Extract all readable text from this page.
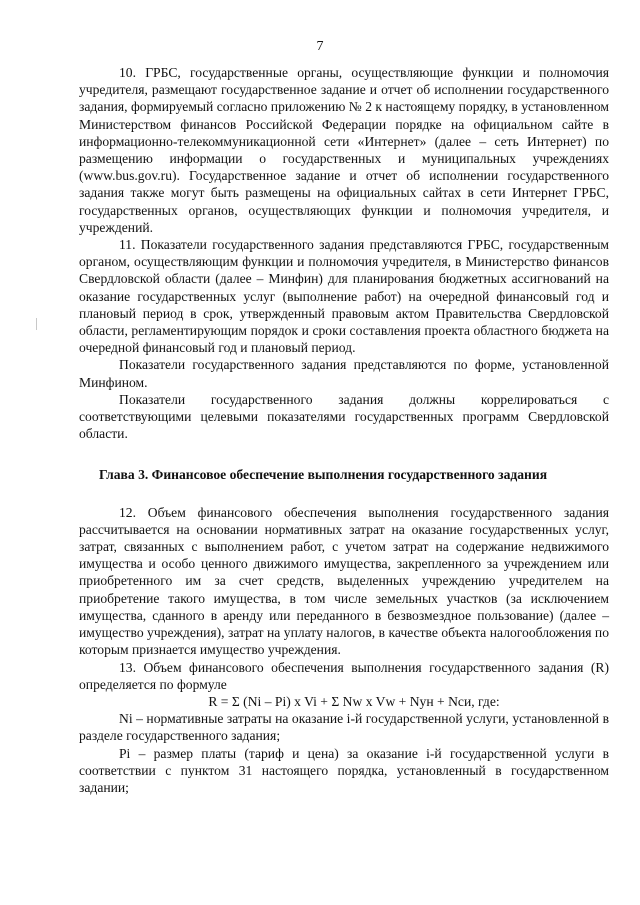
7

10. ГРБС, государственные органы, осуществляющие функции и полномочия учредителя, размещают государственное задание и отчет об исполнении государственного задания, формируемый согласно приложению № 2 к настоящему порядку, в установленном Министерством финансов Российской Федерации порядке на официальном сайте в информационно-телекоммуникационной сети «Интернет» (далее – сеть Интернет) по размещению информации о государственных и муниципальных учреждениях (www.bus.gov.ru). Государственное задание и отчет об исполнении государственного задания также могут быть размещены на официальных сайтах в сети Интернет ГРБС, государственных органов, осуществляющих функции и полномочия учредителя, и учреждений.

11. Показатели государственного задания представляются ГРБС, государственным органом, осуществляющим функции и полномочия учредителя, в Министерство финансов Свердловской области (далее – Минфин) для планирования бюджетных ассигнований на оказание государственных услуг (выполнение работ) на очередной финансовый год и плановый период в срок, утвержденный правовым актом Правительства Свердловской области, регламентирующим порядок и сроки составления проекта областного бюджета на очередной финансовый год и плановый период.

Показатели государственного задания представляются по форме, установленной Минфином.

Показатели государственного задания должны коррелироваться с соответствующими целевыми показателями государственных программ Свердловской области.

Глава 3. Финансовое обеспечение выполнения государственного задания

12. Объем финансового обеспечения выполнения государственного задания рассчитывается на основании нормативных затрат на оказание государственных услуг, затрат, связанных с выполнением работ, с учетом затрат на содержание недвижимого имущества и особо ценного движимого имущества, закрепленного за учреждением или приобретенного им за счет средств, выделенных учреждению учредителем на приобретение такого имущества, в том числе земельных участков (за исключением имущества, сданного в аренду или переданного в безвозмездное пользование) (далее – имущество учреждения), затрат на уплату налогов, в качестве объекта налогообложения по которым признается имущество учреждения.

13. Объем финансового обеспечения выполнения государственного задания (R) определяется по формуле

R = Σ (Ni – Pi) x Vi + Σ Nw x Vw + Nун + Nси, где:

Ni – нормативные затраты на оказание i-й государственной услуги, установленной в разделе государственного задания;

Pi – размер платы (тариф и цена) за оказание i-й государственной услуги в соответствии с пунктом 31 настоящего порядка, установленный в государственном задании;
